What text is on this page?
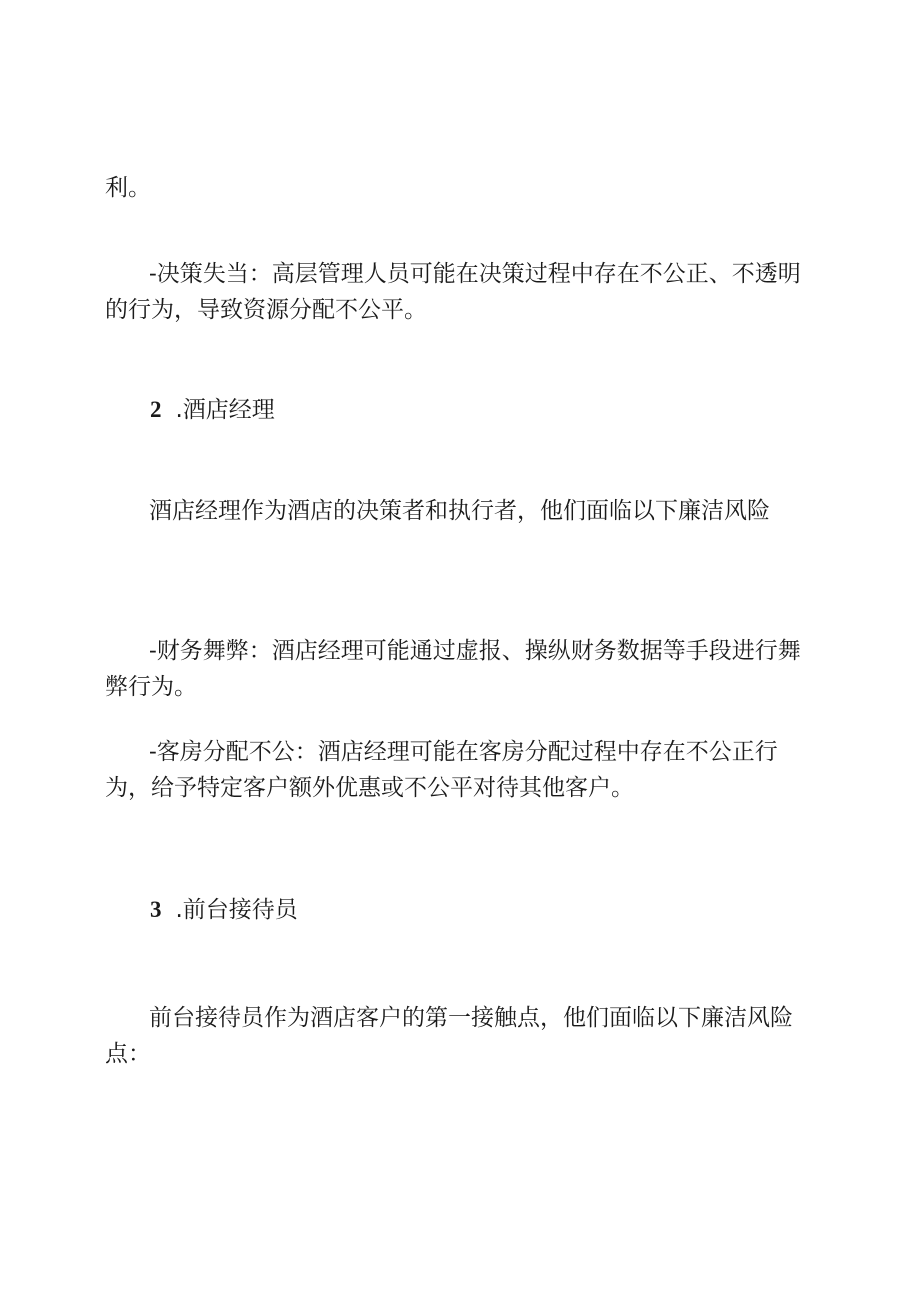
利。

-决策失当：高层管理人员可能在决策过程中存在不公正、不透明的行为，导致资源分配不公平。

2 .酒店经理

酒店经理作为酒店的决策者和执行者，他们面临以下廉洁风险

-财务舞弊：酒店经理可能通过虚报、操纵财务数据等手段进行舞弊行为。

-客房分配不公：酒店经理可能在客房分配过程中存在不公正行为，给予特定客户额外优惠或不公平对待其他客户。

3 .前台接待员

前台接待员作为酒店客户的第一接触点，他们面临以下廉洁风险点：
